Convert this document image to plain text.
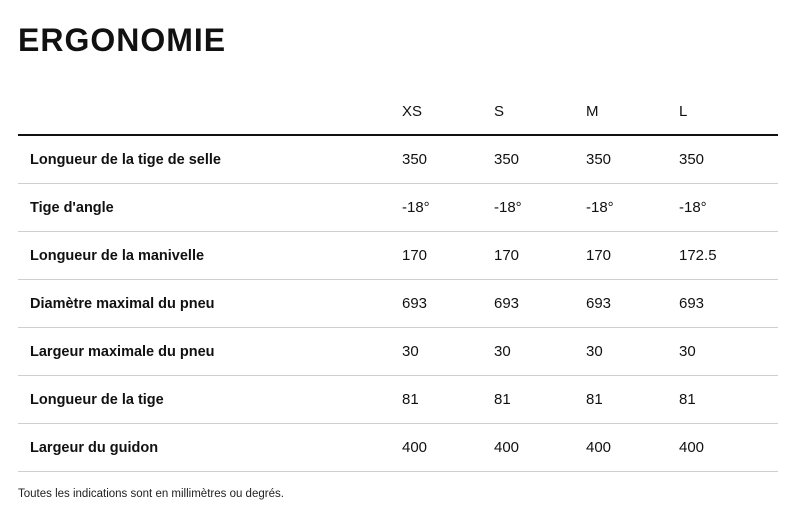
ERGONOMIE
XS	S	M	L
Longueur de la tige de selle	350	350	350	350
Tige d'angle	-18°	-18°	-18°	-18°
Longueur de la manivelle	170	170	170	172.5
Diamètre maximal du pneu	693	693	693	693
Largeur maximale du pneu	30	30	30	30
Longueur de la tige	81	81	81	81
Largeur du guidon	400	400	400	400
Toutes les indications sont en millimètres ou degrés.
